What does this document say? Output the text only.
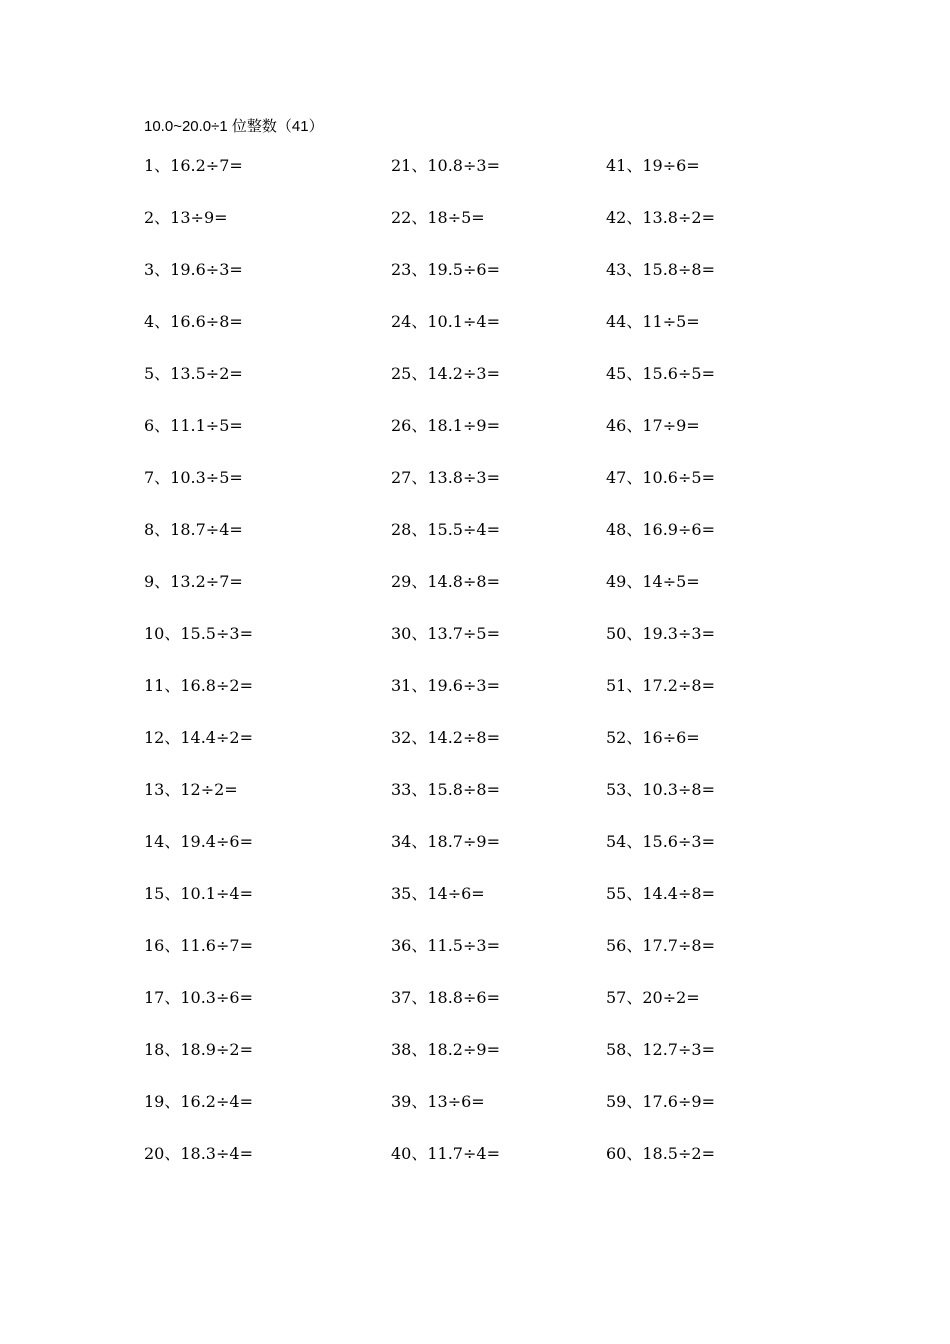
10.0~20.0÷1 位整数（41）
1、16.2÷7=
2、13÷9=
3、19.6÷3=
4、16.6÷8=
5、13.5÷2=
6、11.1÷5=
7、10.3÷5=
8、18.7÷4=
9、13.2÷7=
10、15.5÷3=
11、16.8÷2=
12、14.4÷2=
13、12÷2=
14、19.4÷6=
15、10.1÷4=
16、11.6÷7=
17、10.3÷6=
18、18.9÷2=
19、16.2÷4=
20、18.3÷4=
21、10.8÷3=
22、18÷5=
23、19.5÷6=
24、10.1÷4=
25、14.2÷3=
26、18.1÷9=
27、13.8÷3=
28、15.5÷4=
29、14.8÷8=
30、13.7÷5=
31、19.6÷3=
32、14.2÷8=
33、15.8÷8=
34、18.7÷9=
35、14÷6=
36、11.5÷3=
37、18.8÷6=
38、18.2÷9=
39、13÷6=
40、11.7÷4=
41、19÷6=
42、13.8÷2=
43、15.8÷8=
44、11÷5=
45、15.6÷5=
46、17÷9=
47、10.6÷5=
48、16.9÷6=
49、14÷5=
50、19.3÷3=
51、17.2÷8=
52、16÷6=
53、10.3÷8=
54、15.6÷3=
55、14.4÷8=
56、17.7÷8=
57、20÷2=
58、12.7÷3=
59、17.6÷9=
60、18.5÷2=
